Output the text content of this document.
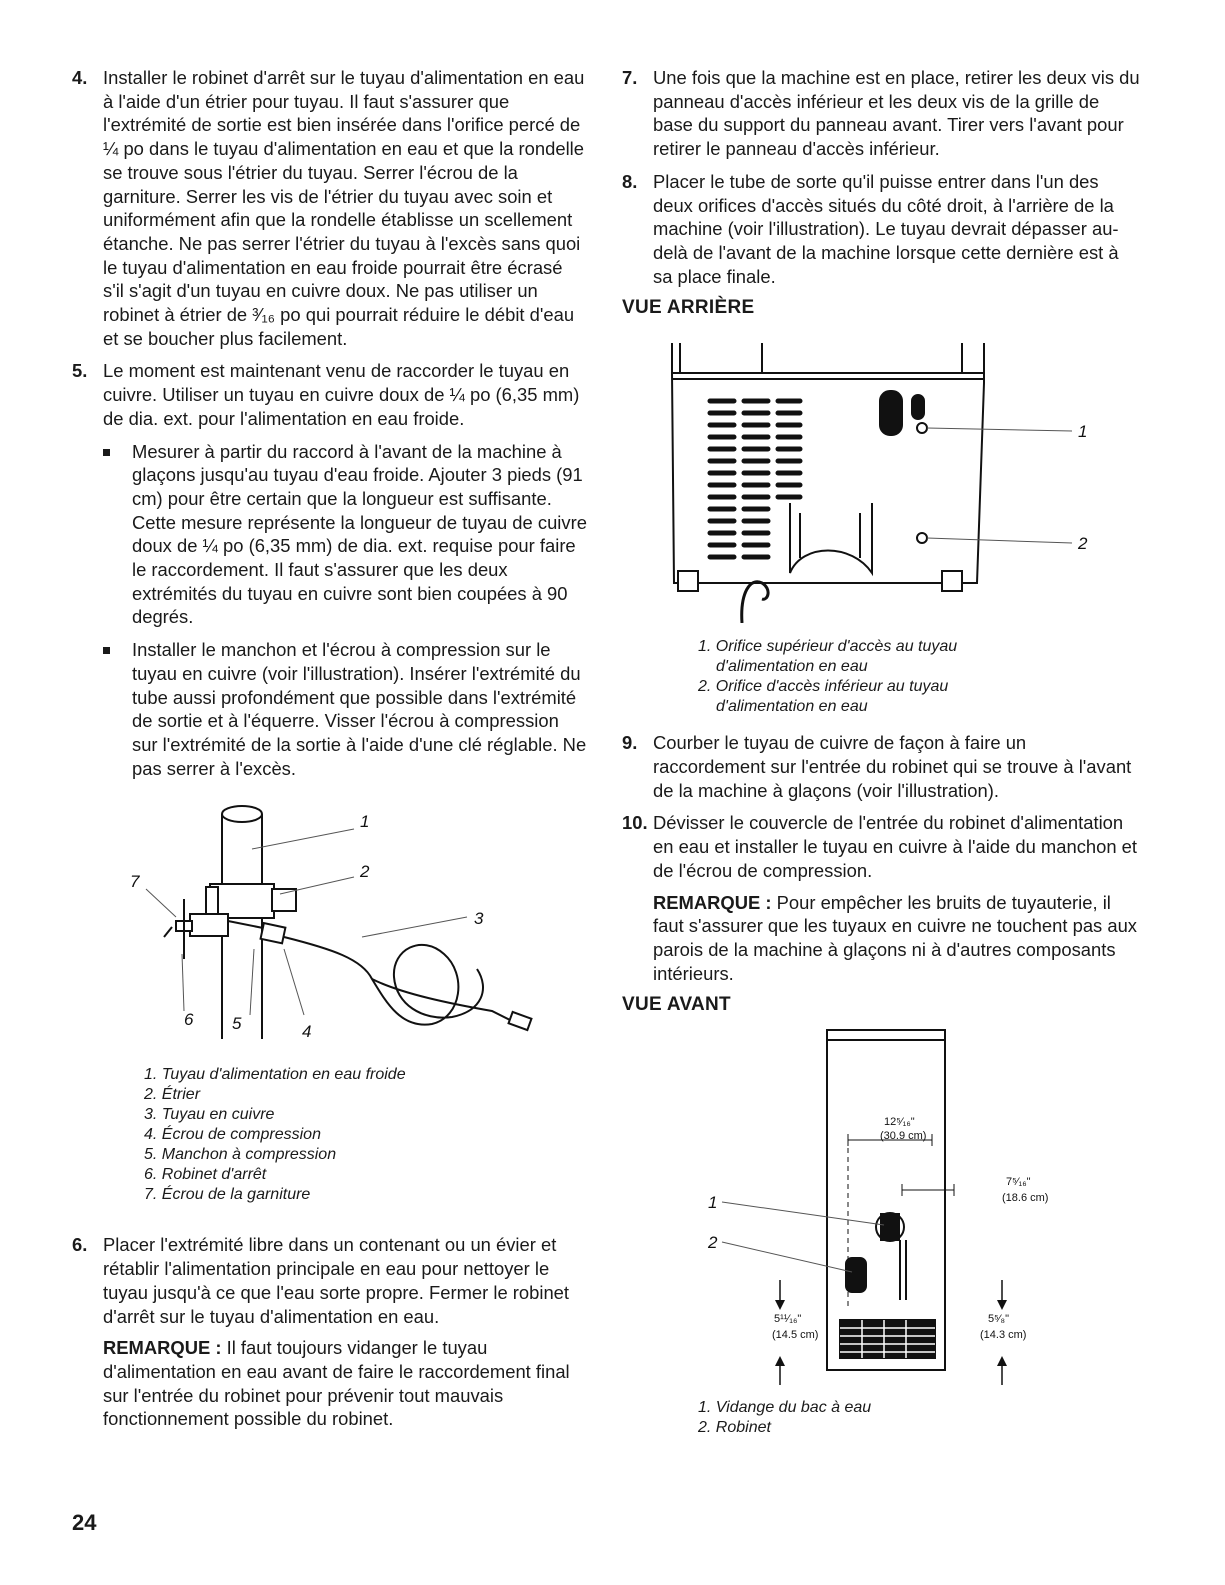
4. Installer le robinet d'arrêt sur le tuyau d'alimentation en eau à l'aide d'un étrier pour tuyau. Il faut s'assurer que l'extrémité de sortie est bien insérée dans l'orifice percé de ¼ po dans le tuyau d'alimentation en eau et que la rondelle se trouve sous l'étrier du tuyau. Serrer l'écrou de la garniture. Serrer les vis de l'étrier du tuyau avec soin et uniformément afin que la rondelle établisse un scellement étanche. Ne pas serrer l'étrier du tuyau à l'excès sans quoi le tuyau d'alimentation en eau froide pourrait être écrasé s'il s'agit d'un tuyau en cuivre doux. Ne pas utiliser un robinet à étrier de ³⁄₁₆ po qui pourrait réduire le débit d'eau et se boucher plus facilement.

5. Le moment est maintenant venu de raccorder le tuyau en cuivre. Utiliser un tuyau en cuivre doux de ¼ po (6,35 mm) de dia. ext. pour l'alimentation en eau froide.

Mesurer à partir du raccord à l'avant de la machine à glaçons jusqu'au tuyau d'eau froide. Ajouter 3 pieds (91 cm) pour être certain que la longueur est suffisante. Cette mesure représente la longueur de tuyau de cuivre doux de ¼ po (6,35 mm) de dia. ext. requise pour faire le raccordement. Il faut s'assurer que les deux extrémités du tuyau en cuivre sont bien coupées à 90 degrés.

Installer le manchon et l'écrou à compression sur le tuyau en cuivre (voir l'illustration). Insérer l'extrémité du tube aussi profondément que possible dans l'extrémité de sortie et à l'équerre. Visser l'écrou à compression sur l'extrémité de la sortie à l'aide d'une clé réglable. Ne pas serrer à l'excès.

1
2
3
4
5
6
7
1. Tuyau d'alimentation en eau froide
2. Étrier
3. Tuyau en cuivre
4. Écrou de compression
5. Manchon à compression
6. Robinet d'arrêt
7. Écrou de la garniture
6. Placer l'extrémité libre dans un contenant ou un évier et rétablir l'alimentation principale en eau pour nettoyer le tuyau jusqu'à ce que l'eau sorte propre. Fermer le robinet d'arrêt sur le tuyau d'alimentation en eau.

REMARQUE : Il faut toujours vidanger le tuyau d'alimentation en eau avant de faire le raccordement final sur l'entrée du robinet pour prévenir tout mauvais fonctionnement possible du robinet.

7. Une fois que la machine est en place, retirer les deux vis du panneau d'accès inférieur et les deux vis de la grille de base du support du panneau avant. Tirer vers l'avant pour retirer le panneau d'accès inférieur.

8. Placer le tube de sorte qu'il puisse entrer dans l'un des deux orifices d'accès situés du côté droit, à l'arrière de la machine (voir l'illustration). Le tuyau devrait dépasser au-delà de l'avant de la machine lorsque cette dernière est à sa place finale.

VUE ARRIÈRE
1
2
1. Orifice supérieur d'accès au tuyau
d'alimentation en eau
2. Orifice d'accès inférieur au tuyau
d'alimentation en eau
9. Courber le tuyau de cuivre de façon à faire un raccordement sur l'entrée du robinet qui se trouve à l'avant de la machine à glaçons (voir l'illustration).

10. Dévisser le couvercle de l'entrée du robinet d'alimentation en eau et installer le tuyau en cuivre à l'aide du manchon et de l'écrou de compression.

REMARQUE : Pour empêcher les bruits de tuyauterie, il faut s'assurer que les tuyaux en cuivre ne touchent pas aux parois de la machine à glaçons ni à d'autres composants intérieurs.

VUE AVANT
12⁵⁄₁₆"
(30.9 cm)
7⁵⁄₁₆"
(18.6 cm)
5¹¹⁄₁₆"
(14.5 cm)
5⁵⁄₈"
(14.3 cm)
1
2
1. Vidange du bac à eau
2. Robinet
24
